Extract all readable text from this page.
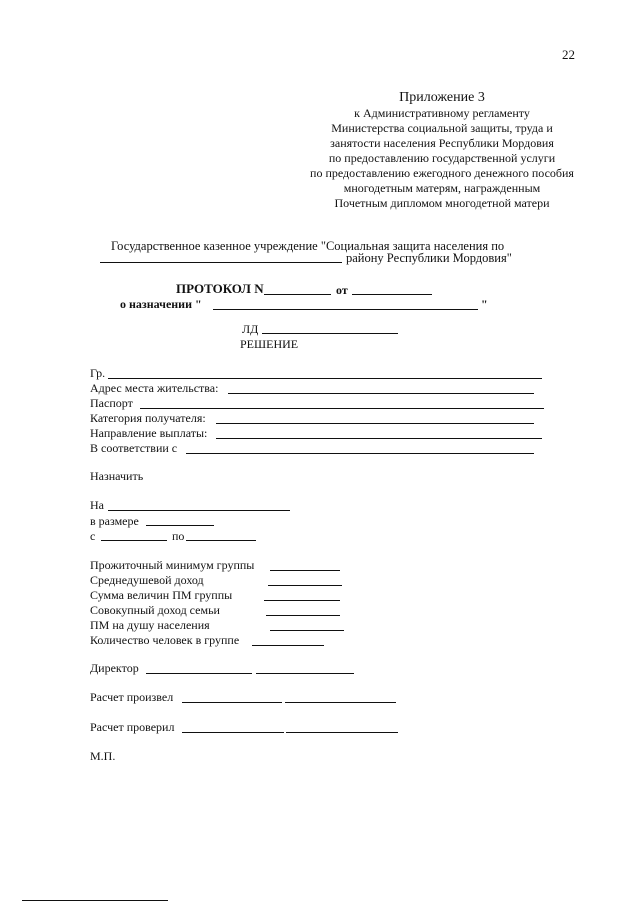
22
Приложение 3
к Административному регламенту
Министерства социальной защиты, труда и
занятости населения Республики Мордовия
по предоставлению государственной услуги
по предоставлению ежегодного денежного пособия
многодетным матерям, награжденным
Почетным дипломом многодетной матери
Государственное казенное учреждение "Социальная защита населения по
району Республики Мордовия"
ПРОТОКОЛ N	от
о назначении "	"
ЛД
РЕШЕНИЕ
Гр.
Адрес места жительства:
Паспорт
Категория получателя:
Направление выплаты:
В соответствии с
Назначить
На
в размере
с	по
Прожиточный минимум группы
Среднедушевой доход
Сумма величин ПМ группы
Совокупный доход семьи
ПМ на душу населения
Количество человек в группе
Директор
Расчет произвел
Расчет проверил
М.П.
